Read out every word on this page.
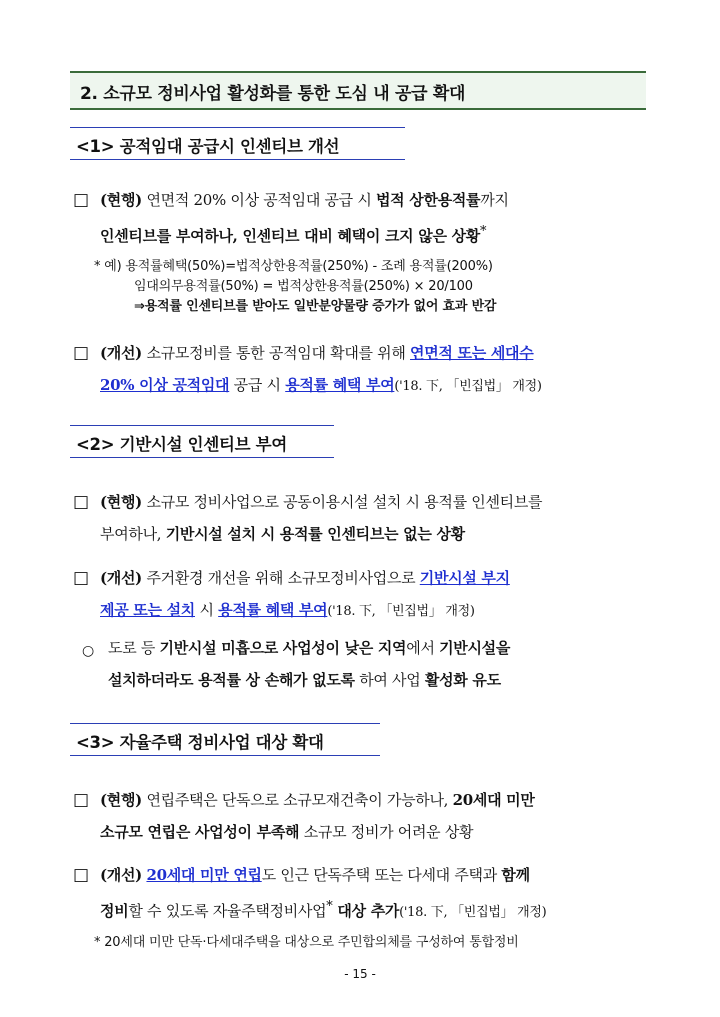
2. 소규모 정비사업 활성화를 통한 도심 내 공급 확대
<1> 공적임대 공급시 인센티브 개선
□ (현행) 연면적 20% 이상 공적임대 공급 시 법적 상한용적률까지
인센티브를 부여하나, 인센티브 대비 혜택이 크지 않은 상황*
* 예) 용적률혜택(50%)=법적상한용적률(250%) - 조례 용적률(200%)
임대의무용적률(50%) = 법적상한용적률(250%) × 20/100
⇒용적률 인센티브를 받아도 일반분양물량 증가가 없어 효과 반감
□ (개선) 소규모정비를 통한 공적임대 확대를 위해 연면적 또는 세대수
20% 이상 공적임대 공급 시 용적률 혜택 부여('18. 下, 「빈집법」 개정)
<2> 기반시설 인센티브 부여
□ (현행) 소규모 정비사업으로 공동이용시설 설치 시 용적률 인센티브를
부여하나, 기반시설 설치 시 용적률 인센티브는 없는 상황
□ (개선) 주거환경 개선을 위해 소규모정비사업으로 기반시설 부지
제공 또는 설치 시 용적률 혜택 부여('18. 下, 「빈집법」 개정)
○ 도로 등 기반시설 미흡으로 사업성이 낮은 지역에서 기반시설을
설치하더라도 용적률 상 손해가 없도록 하여 사업 활성화 유도
<3> 자율주택 정비사업 대상 확대
□ (현행) 연립주택은 단독으로 소규모재건축이 가능하나, 20세대 미만
소규모 연립은 사업성이 부족해 소규모 정비가 어려운 상황
□ (개선) 20세대 미만 연립도 인근 단독주택 또는 다세대 주택과 함께
정비할 수 있도록 자율주택정비사업* 대상 추가('18. 下, 「빈집법」 개정)
* 20세대 미만 단독·다세대주택을 대상으로 주민합의체를 구성하여 통합정비
- 15 -
